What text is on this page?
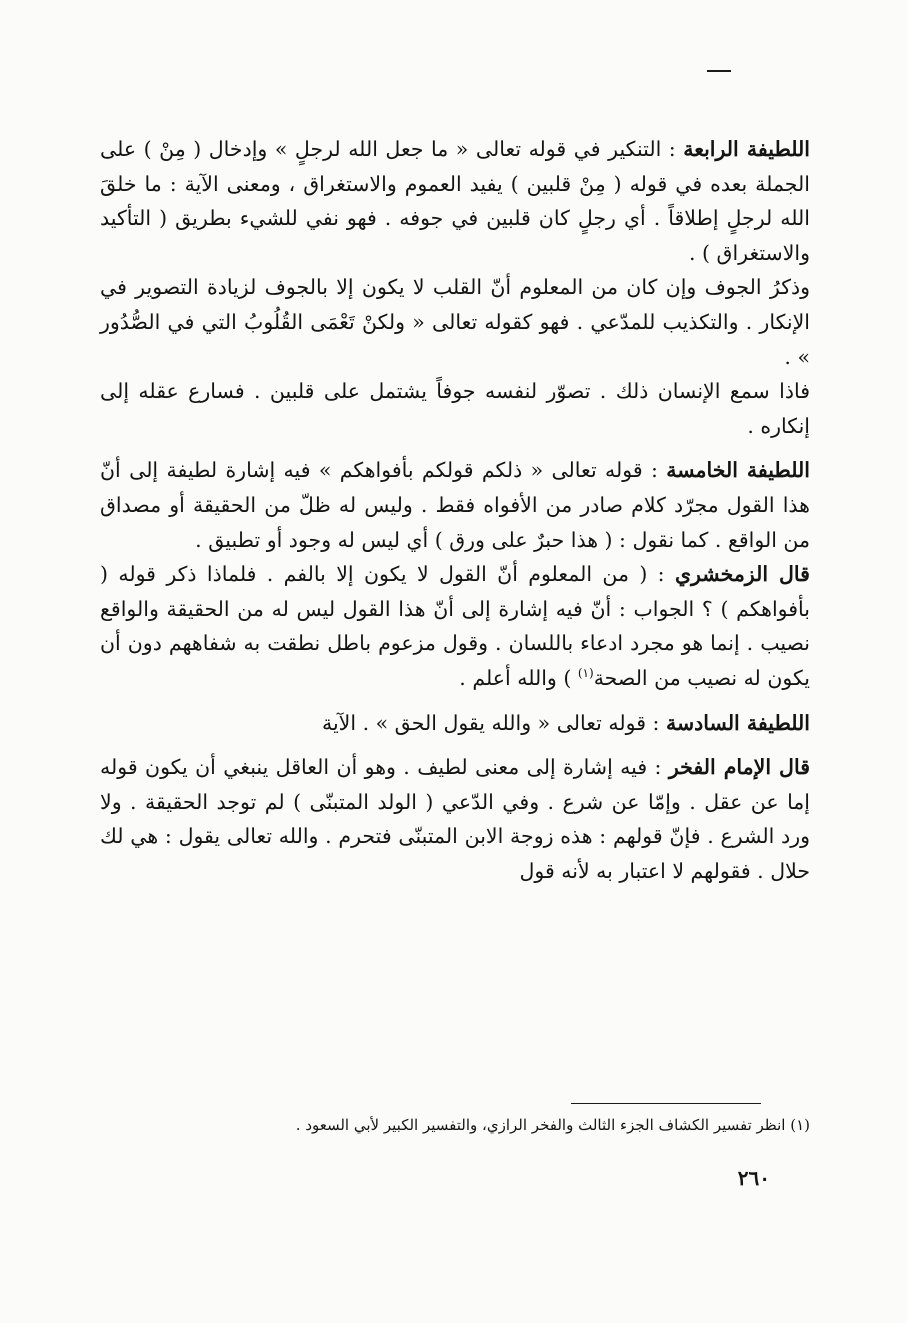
اللطيفة الرابعة : التنكير في قوله تعالى « ما جعل الله لرجلٍ » وإدخال ( مِنْ ) على الجملة بعده في قوله ( مِنْ قلبين ) يفيد العموم والاستغراق ، ومعنى الآية : ما خلقَ الله لرجلٍ إطلاقاً . أي رجلٍ كان قلبين في جوفه . فهو نفي للشيء بطريق ( التأكيد والاستغراق ) .

وذكرُ الجوف وإن كان من المعلوم أنّ القلب لا يكون إلا بالجوف لزيادة التصوير في الإنكار . والتكذيب للمدّعي . فهو كقوله تعالى « ولكنْ تَعْمَى القُلُوبُ التي في الصُّدُور » .

فاذا سمع الإنسان ذلك . تصوّر لنفسه جوفاً يشتمل على قلبين . فسارع عقله إلى إنكاره .

اللطيفة الخامسة : قوله تعالى « ذلكم قولكم بأفواهكم » فيه إشارة لطيفة إلى أنّ هذا القول مجرّد كلام صادر من الأفواه فقط . وليس له ظلّ من الحقيقة أو مصداق من الواقع . كما نقول : ( هذا حبرٌ على ورق ) أي ليس له وجود أو تطبيق .

قال الزمخشري : ( من المعلوم أنّ القول لا يكون إلا بالفم . فلماذا ذكر قوله ( بأفواهكم ) ؟ الجواب : أنّ فيه إشارة إلى أنّ هذا القول ليس له من الحقيقة والواقع نصيب . إنما هو مجرد ادعاء باللسان . وقول مزعوم باطل نطقت به شفاههم دون أن يكون له نصيب من الصحة$^{(١)}$ ) والله أعلم .

اللطيفة السادسة : قوله تعالى « والله يقول الحق » . الآية

قال الإمام الفخر : فيه إشارة إلى معنى لطيف . وهو أن العاقل ينبغي أن يكون قوله إما عن عقل . وإمّا عن شرع . وفي الدّعي ( الولد المتبنّى ) لم توجد الحقيقة . ولا ورد الشرع . فإنّ قولهم : هذه زوجة الابن المتبنّى فتحرم . والله تعالى يقول : هي لك حلال . فقولهم لا اعتبار به لأنه قول

(١) انظر تفسير الكشاف الجزء الثالث والفخر الرازي، والتفسير الكبير لأبي السعود .
٢٦٠
